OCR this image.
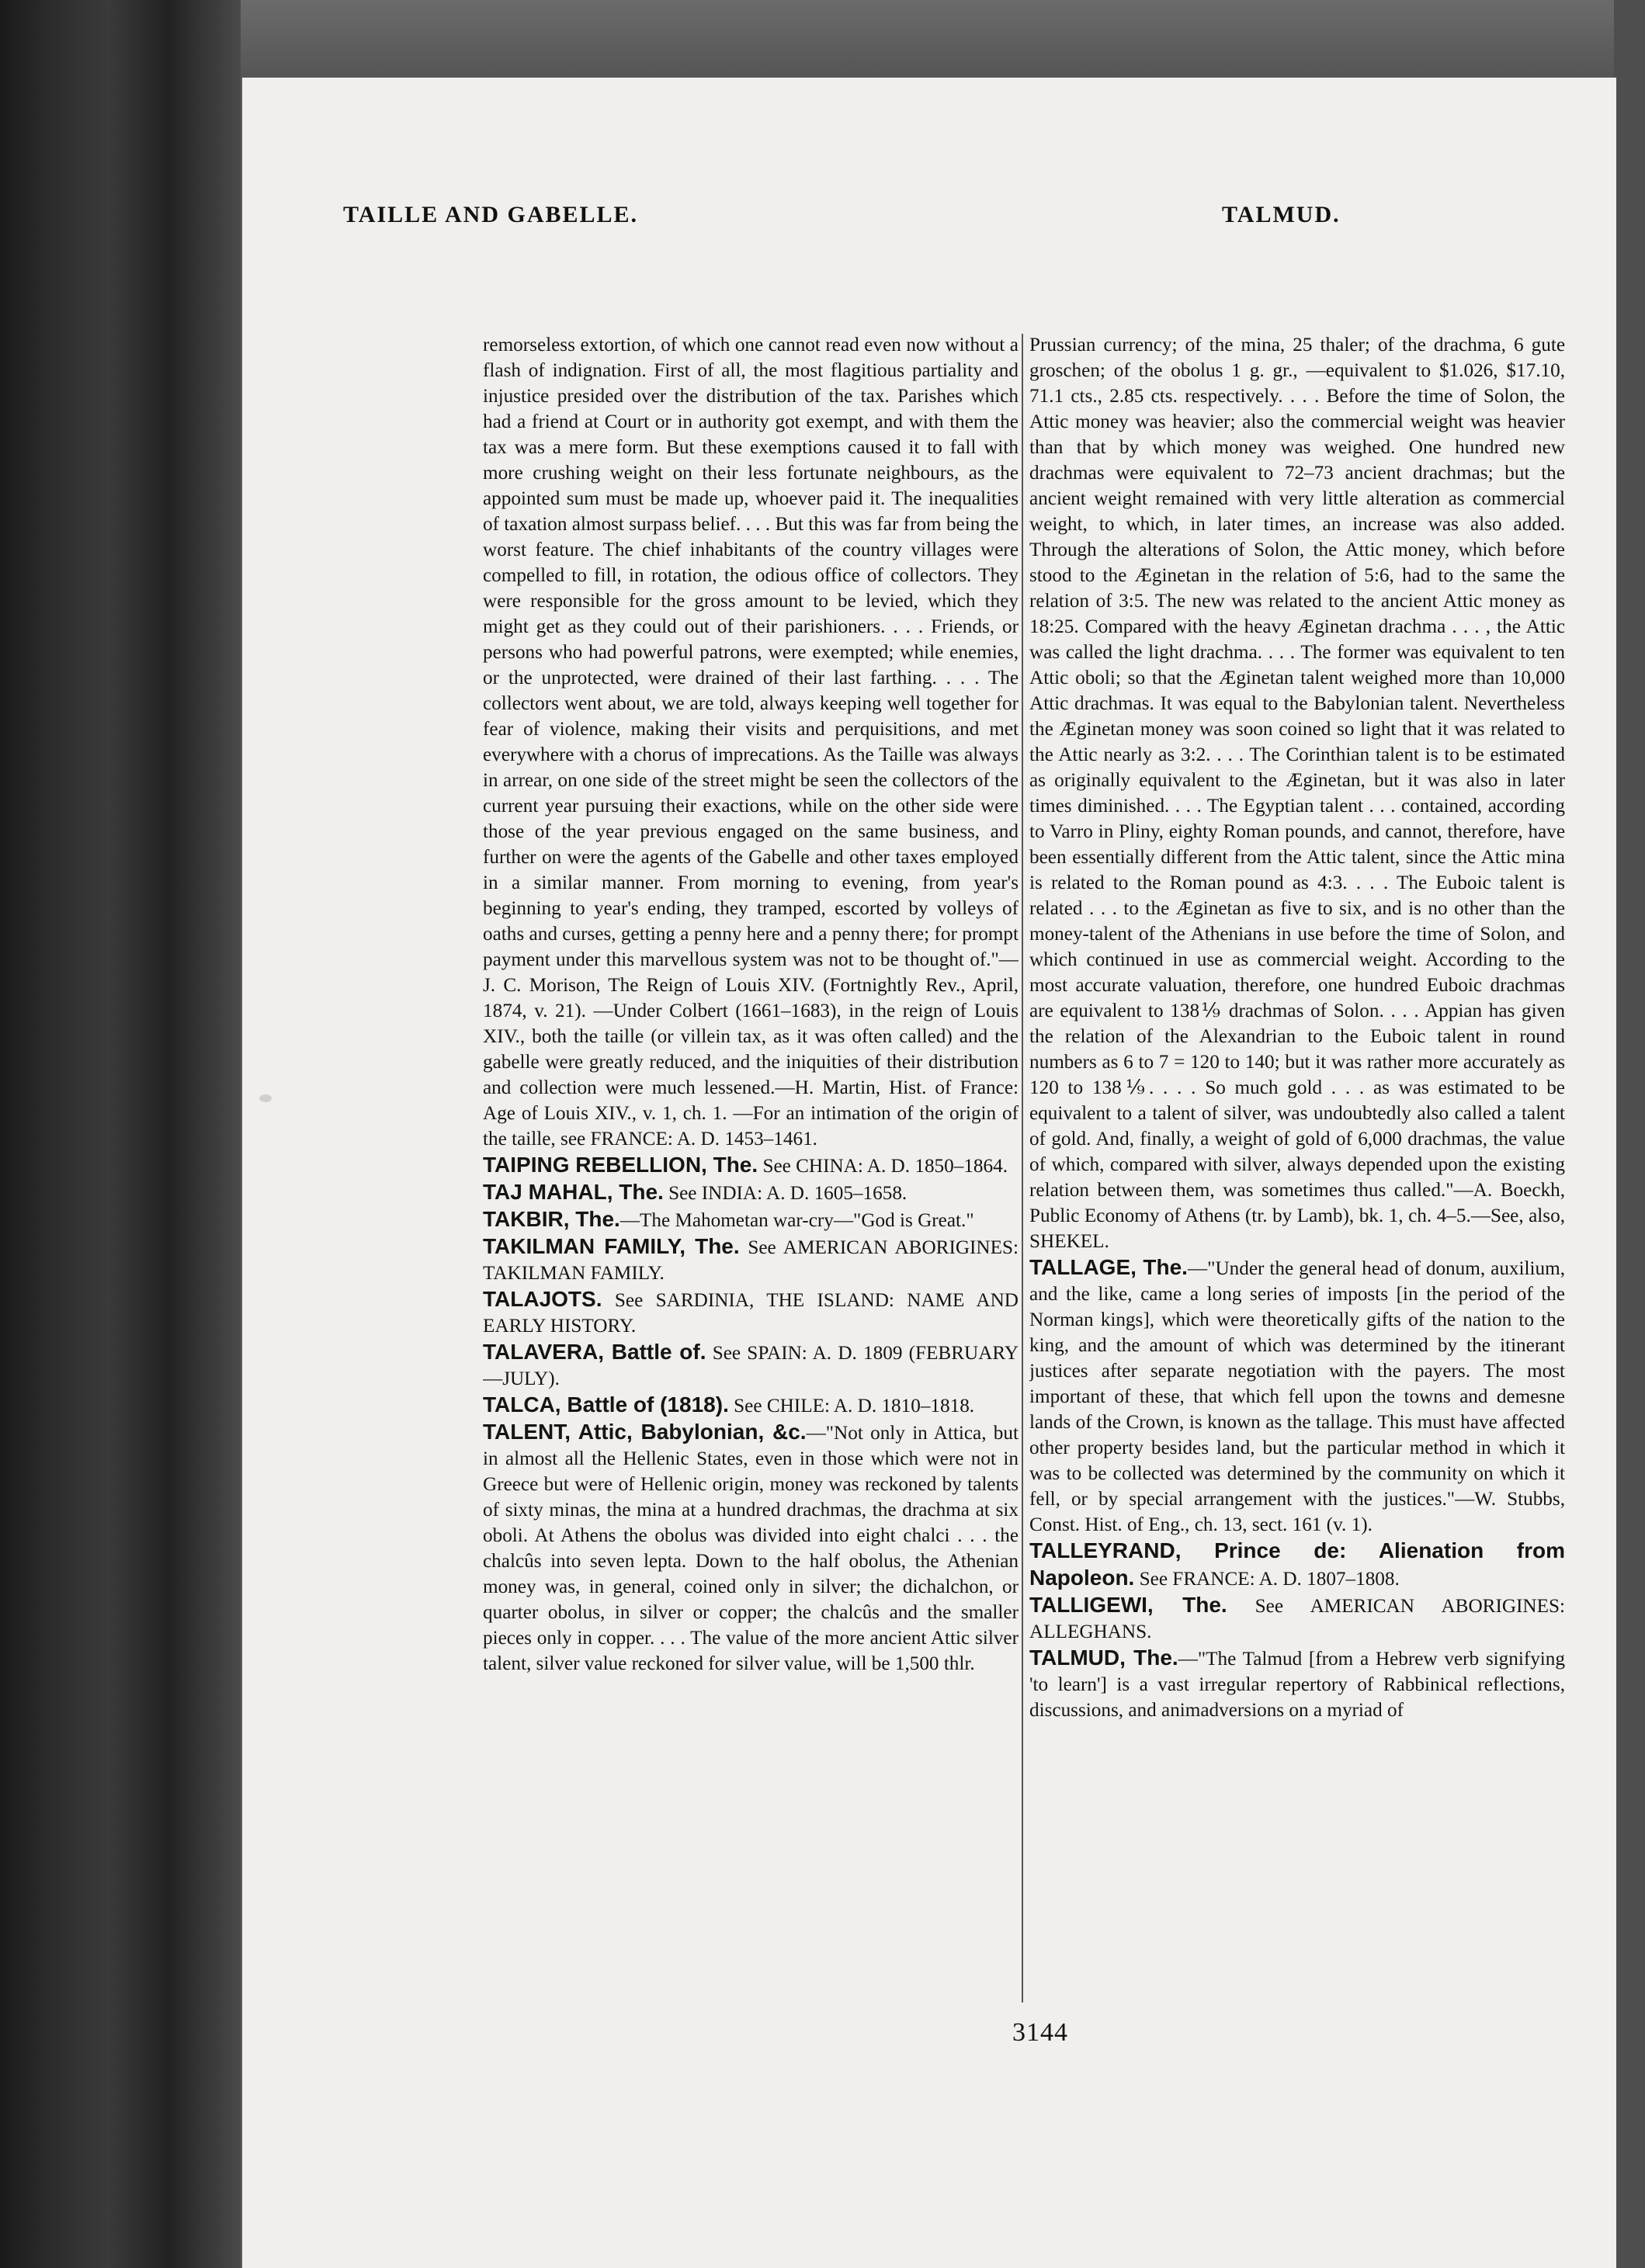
TAILLE AND GABELLE.	TALMUD.

remorseless extortion, of which one cannot read even now without a flash of indignation. First of all, the most flagitious partiality and injustice presided over the distribution of the tax. Parishes which had a friend at Court or in authority got exempt, and with them the tax was a mere form. But these exemptions caused it to fall with more crushing weight on their less fortunate neighbours, as the appointed sum must be made up, whoever paid it. The inequalities of taxation almost surpass belief. . . . But this was far from being the worst feature. The chief inhabitants of the country villages were compelled to fill, in rotation, the odious office of collectors. They were responsible for the gross amount to be levied, which they might get as they could out of their parishioners. . . . Friends, or persons who had powerful patrons, were exempted; while enemies, or the unprotected, were drained of their last farthing. . . . The collectors went about, we are told, always keeping well together for fear of violence, making their visits and perquisitions, and met everywhere with a chorus of imprecations. As the Taille was always in arrear, on one side of the street might be seen the collectors of the current year pursuing their exactions, while on the other side were those of the year previous engaged on the same business, and further on were the agents of the Gabelle and other taxes employed in a similar manner. From morning to evening, from year's beginning to year's ending, they tramped, escorted by volleys of oaths and curses, getting a penny here and a penny there; for prompt payment under this marvellous system was not to be thought of."—J. C. Morison, The Reign of Louis XIV. (Fortnightly Rev., April, 1874, v. 21). —Under Colbert (1661–1683), in the reign of Louis XIV., both the taille (or villein tax, as it was often called) and the gabelle were greatly reduced, and the iniquities of their distribution and collection were much lessened.—H. Martin, Hist. of France: Age of Louis XIV., v. 1, ch. 1. —For an intimation of the origin of the taille, see FRANCE: A. D. 1453–1461.

TAIPING REBELLION, The. See CHINA: A. D. 1850–1864.

TAJ MAHAL, The. See INDIA: A. D. 1605–1658.

TAKBIR, The.—The Mahometan war-cry—"God is Great."

TAKILMAN FAMILY, The. See AMERICAN ABORIGINES: TAKILMAN FAMILY.

TALAJOTS. See SARDINIA, THE ISLAND: NAME AND EARLY HISTORY.

TALAVERA, Battle of. See SPAIN: A. D. 1809 (FEBRUARY—JULY).

TALCA, Battle of (1818). See CHILE: A. D. 1810–1818.

TALENT, Attic, Babylonian, &c.—"Not only in Attica, but in almost all the Hellenic States, even in those which were not in Greece but were of Hellenic origin, money was reckoned by talents of sixty minas, the mina at a hundred drachmas, the drachma at six oboli. At Athens the obolus was divided into eight chalci . . . the chalcûs into seven lepta. Down to the half obolus, the Athenian money was, in general, coined only in silver; the dichalchon, or quarter obolus, in silver or copper; the chalcûs and the smaller pieces only in copper. . . . The value of the more ancient Attic silver talent, silver value reckoned for silver value, will be 1,500 thlr.

Prussian currency; of the mina, 25 thaler; of the drachma, 6 gute groschen; of the obolus 1 g. gr., —equivalent to $1.026, $17.10, 71.1 cts., 2.85 cts. respectively. . . . Before the time of Solon, the Attic money was heavier; also the commercial weight was heavier than that by which money was weighed. One hundred new drachmas were equivalent to 72–73 ancient drachmas; but the ancient weight remained with very little alteration as commercial weight, to which, in later times, an increase was also added. Through the alterations of Solon, the Attic money, which before stood to the Æginetan in the relation of 5:6, had to the same the relation of 3:5. The new was related to the ancient Attic money as 18:25. Compared with the heavy Æginetan drachma . . . , the Attic was called the light drachma. . . . The former was equivalent to ten Attic oboli; so that the Æginetan talent weighed more than 10,000 Attic drachmas. It was equal to the Babylonian talent. Nevertheless the Æginetan money was soon coined so light that it was related to the Attic nearly as 3:2. . . . The Corinthian talent is to be estimated as originally equivalent to the Æginetan, but it was also in later times diminished. . . . The Egyptian talent . . . contained, according to Varro in Pliny, eighty Roman pounds, and cannot, therefore, have been essentially different from the Attic talent, since the Attic mina is related to the Roman pound as 4:3. . . . The Euboic talent is related . . . to the Æginetan as five to six, and is no other than the money-talent of the Athenians in use before the time of Solon, and which continued in use as commercial weight. According to the most accurate valuation, therefore, one hundred Euboic drachmas are equivalent to 138⅑ drachmas of Solon. . . . Appian has given the relation of the Alexandrian to the Euboic talent in round numbers as 6 to 7 = 120 to 140; but it was rather more accurately as 120 to 138⅑. . . . So much gold . . . as was estimated to be equivalent to a talent of silver, was undoubtedly also called a talent of gold. And, finally, a weight of gold of 6,000 drachmas, the value of which, compared with silver, always depended upon the existing relation between them, was sometimes thus called."—A. Boeckh, Public Economy of Athens (tr. by Lamb), bk. 1, ch. 4–5.—See, also, SHEKEL.

TALLAGE, The.—"Under the general head of donum, auxilium, and the like, came a long series of imposts [in the period of the Norman kings], which were theoretically gifts of the nation to the king, and the amount of which was determined by the itinerant justices after separate negotiation with the payers. The most important of these, that which fell upon the towns and demesne lands of the Crown, is known as the tallage. This must have affected other property besides land, but the particular method in which it was to be collected was determined by the community on which it fell, or by special arrangement with the justices."—W. Stubbs, Const. Hist. of Eng., ch. 13, sect. 161 (v. 1).

TALLEYRAND, Prince de: Alienation from Napoleon. See FRANCE: A. D. 1807–1808.

TALLIGEWI, The. See AMERICAN ABORIGINES: ALLEGHANS.

TALMUD, The.—"The Talmud [from a Hebrew verb signifying 'to learn'] is a vast irregular repertory of Rabbinical reflections, discussions, and animadversions on a myriad of

3144
